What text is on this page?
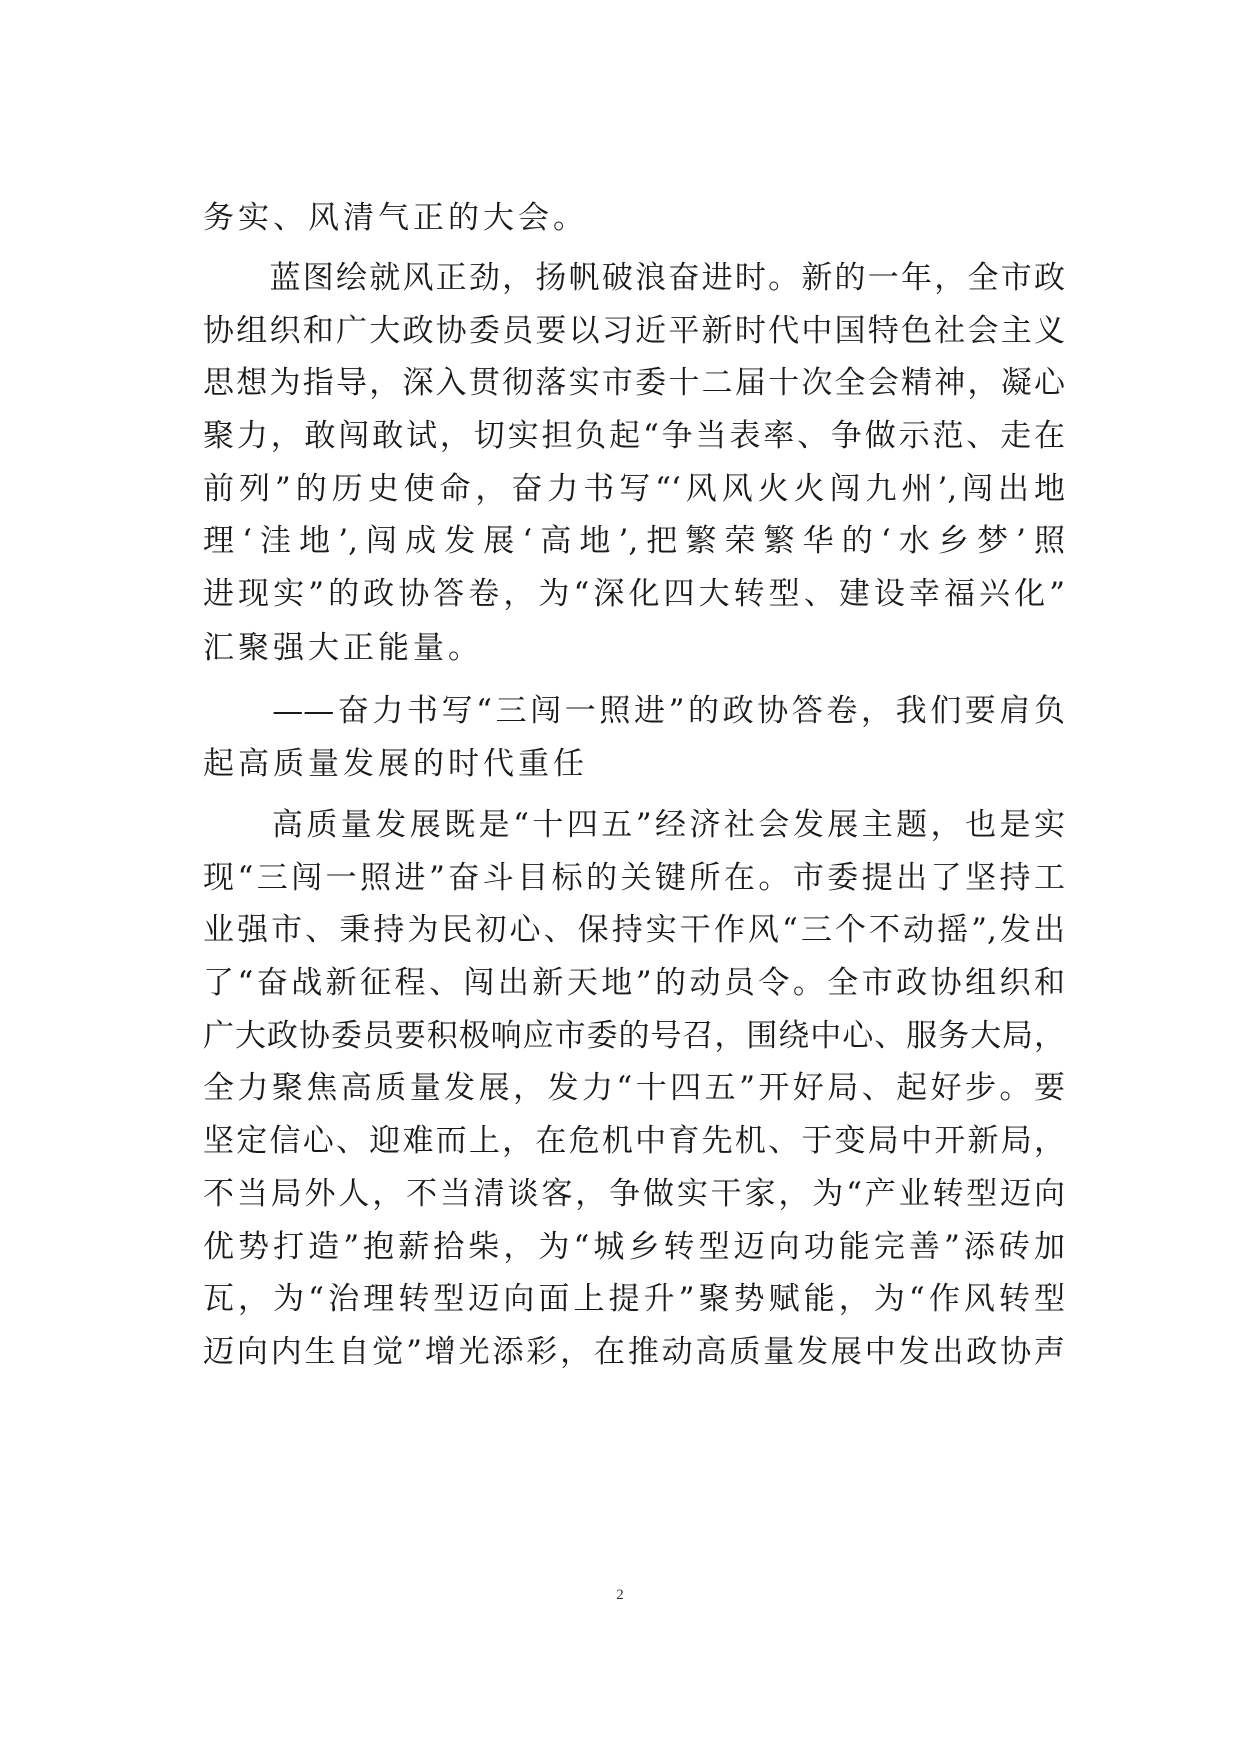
务实、风清气正的大会。
　　蓝图绘就风正劲，扬帆破浪奋进时。新的一年，全市政
协组织和广大政协委员要以习近平新时代中国特色社会主义
思想为指导，深入贯彻落实市委十二届十次全会精神，凝心
聚力，敢闯敢试，切实担负起“争当表率、争做示范、走在
前列”的历史使命，奋力书写“‘风风火火闯九州’,闯出地
理‘洼地’,闯成发展‘高地’,把繁荣繁华的‘水乡梦’照
进现实”的政协答卷，为“深化四大转型、建设幸福兴化”
汇聚强大正能量。
　　——奋力书写“三闯一照进”的政协答卷，我们要肩负
起高质量发展的时代重任
　　高质量发展既是“十四五”经济社会发展主题，也是实
现“三闯一照进”奋斗目标的关键所在。市委提出了坚持工
业强市、秉持为民初心、保持实干作风“三个不动摇”,发出
了“奋战新征程、闯出新天地”的动员令。全市政协组织和
广大政协委员要积极响应市委的号召，围绕中心、服务大局，
全力聚焦高质量发展，发力“十四五”开好局、起好步。要
坚定信心、迎难而上，在危机中育先机、于变局中开新局，
不当局外人，不当清谈客，争做实干家，为“产业转型迈向
优势打造”抱薪拾柴，为“城乡转型迈向功能完善”添砖加
瓦，为“治理转型迈向面上提升”聚势赋能，为“作风转型
迈向内生自觉”增光添彩，在推动高质量发展中发出政协声
2
